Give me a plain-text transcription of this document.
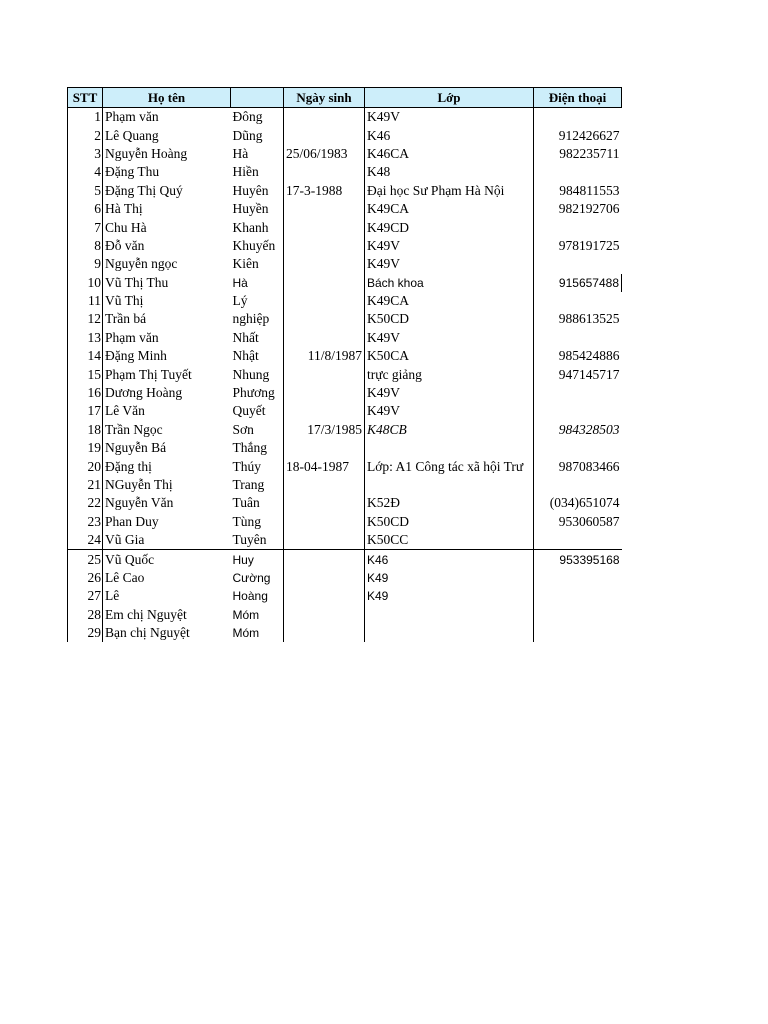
STT	Họ tên		Ngày sinh	Lớp	Điện thoại
1	Phạm văn	Đông		K49V	
2	Lê Quang	Dũng		K46	912426627
3	Nguyễn Hoàng	Hà	25/06/1983	K46CA	982235711
4	Đặng Thu	Hiền		K48	
5	Đặng Thị Quý	Huyên	17-3-1988	Đại học Sư Phạm Hà Nội	984811553
6	Hà Thị	Huyền		K49CA	982192706
7	Chu Hà	Khanh		K49CD	
8	Đỗ văn	Khuyến		K49V	978191725
9	Nguyễn ngọc	Kiên		K49V	
10	Vũ Thị Thu	Hà		Bách khoa	915657488
11	Vũ Thị	Lý		K49CA	
12	Trần bá	nghiệp		K50CD	988613525
13	Phạm văn	Nhất		K49V	
14	Đặng Minh	Nhật	11/8/1987	K50CA	985424886
15	Phạm Thị Tuyết	Nhung		trực giảng	947145717
16	Dương Hoàng	Phương		K49V	
17	Lê Văn	Quyết		K49V	
18	Trần Ngọc	Sơn	17/3/1985	K48CB	984328503
19	Nguyễn Bá	Thắng			
20	Đặng thị	Thúy	18-04-1987	Lớp: A1 Công tác xã hội Trư	987083466
21	NGuyễn Thị	Trang			
22	Nguyễn Văn	Tuân		K52Đ	(034)651074
23	Phan Duy	Tùng		K50CD	953060587
24	Vũ Gia	Tuyên		K50CC	
25	Vũ Quốc	Huy		K46	953395168
26	Lê Cao	Cường		K49	
27	Lê	Hoàng		K49	
28	Em chị Nguyệt	Móm			
29	Bạn chị Nguyệt	Móm			
